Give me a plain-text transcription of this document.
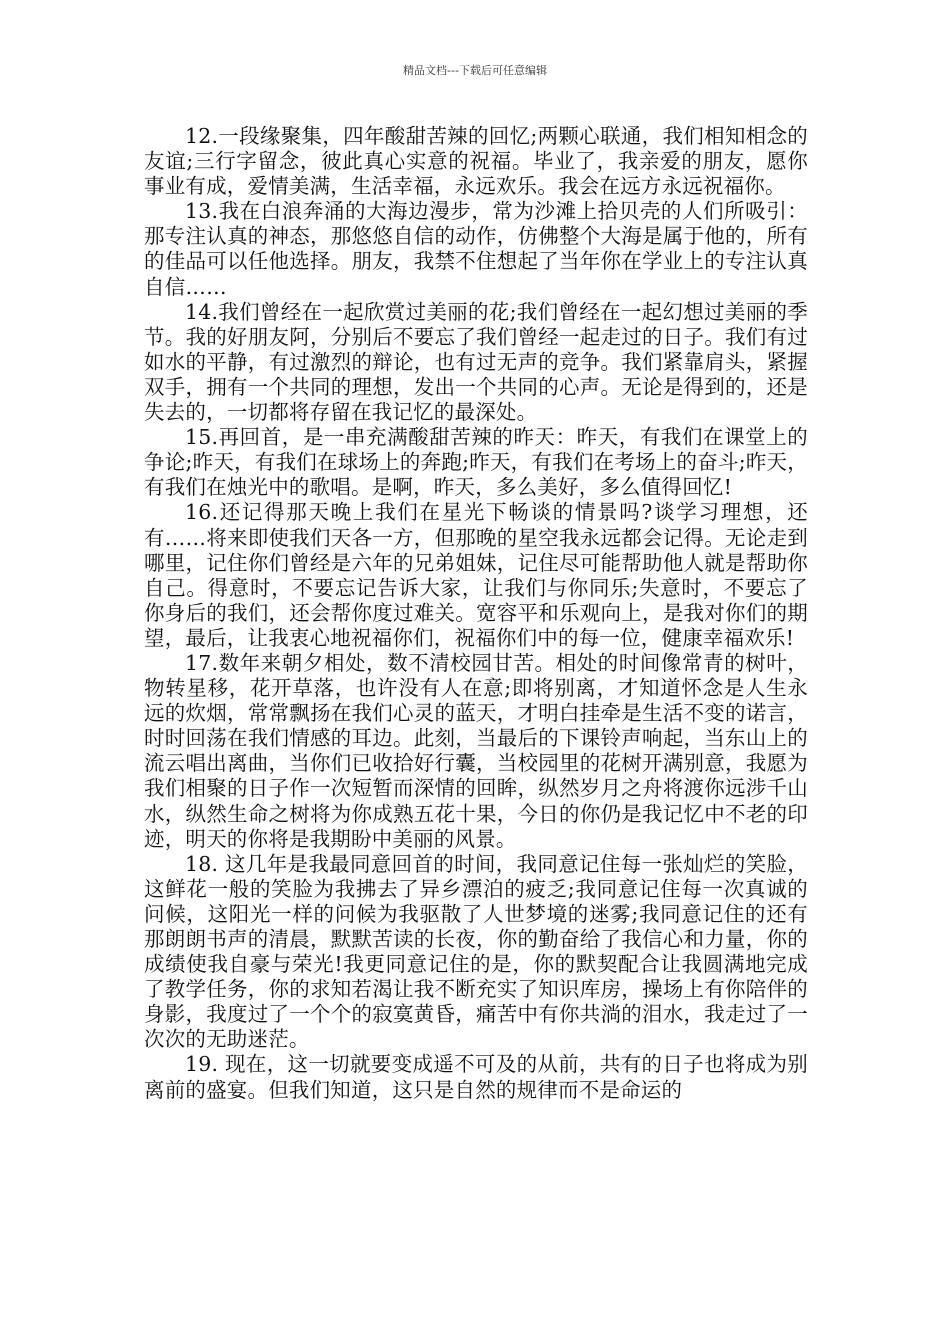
精品文档---下载后可任意编辑

12.一段缘聚集，四年酸甜苦辣的回忆;两颗心联通，我们相知相念的友谊;三行字留念，彼此真心实意的祝福。毕业了，我亲爱的朋友，愿你事业有成，爱情美满，生活幸福，永远欢乐。我会在远方永远祝福你。

13.我在白浪奔涌的大海边漫步，常为沙滩上拾贝壳的人们所吸引：那专注认真的神态，那悠悠自信的动作，仿佛整个大海是属于他的，所有的佳品可以任他选择。朋友，我禁不住想起了当年你在学业上的专注认真自信……

14.我们曾经在一起欣赏过美丽的花;我们曾经在一起幻想过美丽的季节。我的好朋友阿，分别后不要忘了我们曾经一起走过的日子。我们有过如水的平静，有过激烈的辩论，也有过无声的竞争。我们紧靠肩头，紧握双手，拥有一个共同的理想，发出一个共同的心声。无论是得到的，还是失去的，一切都将存留在我记忆的最深处。

15.再回首，是一串充满酸甜苦辣的昨天：昨天，有我们在课堂上的争论;昨天，有我们在球场上的奔跑;昨天，有我们在考场上的奋斗;昨天，有我们在烛光中的歌唱。是啊，昨天，多么美好，多么值得回忆!

16.还记得那天晚上我们在星光下畅谈的情景吗?谈学习理想，还有……将来即使我们天各一方，但那晚的星空我永远都会记得。无论走到哪里，记住你们曾经是六年的兄弟姐妹，记住尽可能帮助他人就是帮助你自己。得意时，不要忘记告诉大家，让我们与你同乐;失意时，不要忘了你身后的我们，还会帮你度过难关。宽容平和乐观向上，是我对你们的期望，最后，让我衷心地祝福你们，祝福你们中的每一位，健康幸福欢乐!

17.数年来朝夕相处，数不清校园甘苦。相处的时间像常青的树叶，物转星移，花开草落，也许没有人在意;即将别离，才知道怀念是人生永远的炊烟，常常飘扬在我们心灵的蓝天，才明白挂牵是生活不变的诺言，时时回荡在我们情感的耳边。此刻，当最后的下课铃声响起，当东山上的流云唱出离曲，当你们已收拾好行囊，当校园里的花树开满别意，我愿为我们相聚的日子作一次短暂而深情的回眸，纵然岁月之舟将渡你远涉千山水，纵然生命之树将为你成熟五花十果，今日的你仍是我记忆中不老的印迹，明天的你将是我期盼中美丽的风景。

18. 这几年是我最同意回首的时间，我同意记住每一张灿烂的笑脸，这鲜花一般的笑脸为我拂去了异乡漂泊的疲乏;我同意记住每一次真诚的问候，这阳光一样的问候为我驱散了人世梦境的迷雾;我同意记住的还有那朗朗书声的清晨，默默苦读的长夜，你的勤奋给了我信心和力量，你的成绩使我自豪与荣光!我更同意记住的是，你的默契配合让我圆满地完成了教学任务，你的求知若渴让我不断充实了知识库房，操场上有你陪伴的身影，我度过了一个个的寂寞黄昏，痛苦中有你共淌的泪水，我走过了一次次的无助迷茫。

19. 现在，这一切就要变成遥不可及的从前，共有的日子也将成为别离前的盛宴。但我们知道，这只是自然的规律而不是命运的
